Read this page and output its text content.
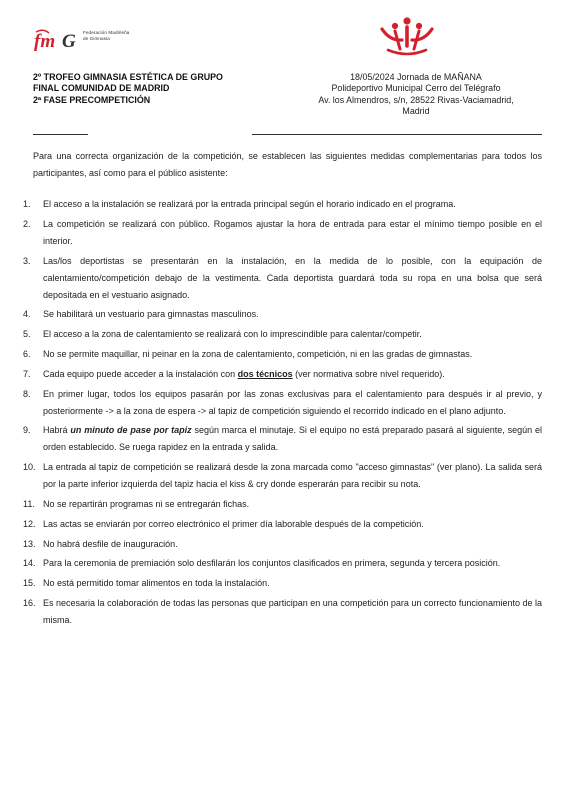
fm G Federación Madrileña de Gimnasia
2º TROFEO GIMNASIA ESTÉTICA DE GRUPO
FINAL COMUNIDAD DE MADRID
2ª FASE PRECOMPETICIÓN
18/05/2024 Jornada de MAÑANA
Polideportivo Municipal Cerro del Telégrafo
Av. los Almendros, s/n, 28522 Rivas-Vaciamadrid,
Madrid
Para una correcta organización de la competición, se establecen las siguientes medidas complementarias para todos los participantes, así como para el público asistente:
1. El acceso a la instalación se realizará por la entrada principal según el horario indicado en el programa.
2. La competición se realizará con público. Rogamos ajustar la hora de entrada para estar el mínimo tiempo posible en el interior.
3. Las/los deportistas se presentarán en la instalación, en la medida de lo posible, con la equipación de calentamiento/competición debajo de la vestimenta. Cada deportista guardará toda su ropa en una bolsa que será depositada en el vestuario asignado.
4. Se habilitará un vestuario para gimnastas masculinos.
5. El acceso a la zona de calentamiento se realizará con lo imprescindible para calentar/competir.
6. No se permite maquillar, ni peinar en la zona de calentamiento, competición, ni en las gradas de gimnastas.
7. Cada equipo puede acceder a la instalación con dos técnicos (ver normativa sobre nivel requerido).
8. En primer lugar, todos los equipos pasarán por las zonas exclusivas para el calentamiento para después ir al previo, y posteriormente -> a la zona de espera -> al tapiz de competición siguiendo el recorrido indicado en el plano adjunto.
9. Habrá un minuto de pase por tapiz según marca el minutaje. Si el equipo no está preparado pasará al siguiente, según el orden establecido. Se ruega rapidez en la entrada y salida.
10. La entrada al tapiz de competición se realizará desde la zona marcada como "acceso gimnastas" (ver plano). La salida será por la parte inferior izquierda del tapiz hacia el kiss & cry donde esperarán para recibir su nota.
11. No se repartirán programas ni se entregarán fichas.
12. Las actas se enviarán por correo electrónico el primer día laborable después de la competición.
13. No habrá desfile de inauguración.
14. Para la ceremonia de premiación solo desfilarán los conjuntos clasificados en primera, segunda y tercera posición.
15. No está permitido tomar alimentos en toda la instalación.
16. Es necesaria la colaboración de todas las personas que participan en una competición para un correcto funcionamiento de la misma.
